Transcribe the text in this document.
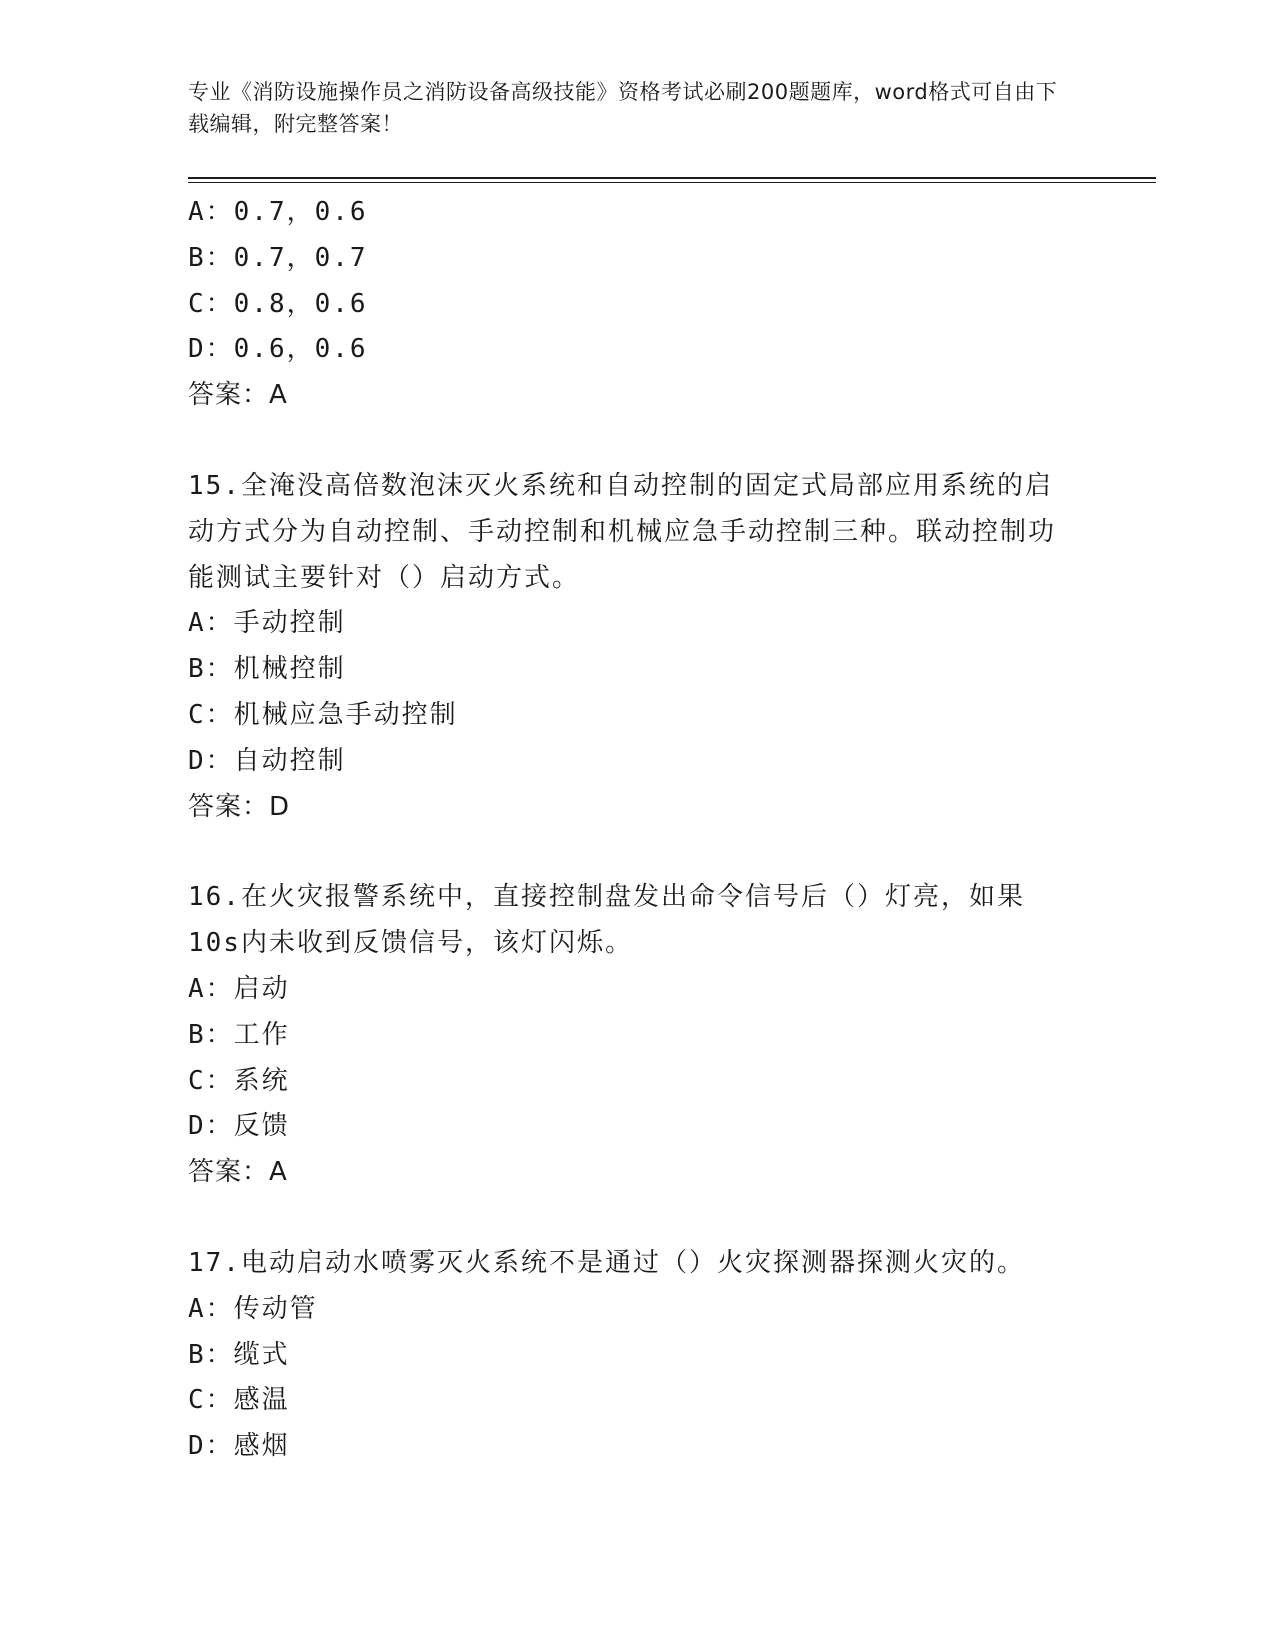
专业《消防设施操作员之消防设备高级技能》资格考试必刷200题题库，word格式可自由下载编辑，附完整答案！
A：0.7，0.6
B：0.7，0.7
C：0.8，0.6
D：0.6，0.6
答案：A
15.全淹没高倍数泡沫灭火系统和自动控制的固定式局部应用系统的启动方式分为自动控制、手动控制和机械应急手动控制三种。联动控制功能测试主要针对（）启动方式。
A：手动控制
B：机械控制
C：机械应急手动控制
D：自动控制
答案：D
16.在火灾报警系统中，直接控制盘发出命令信号后（）灯亮，如果10s内未收到反馈信号，该灯闪烁。
A：启动
B：工作
C：系统
D：反馈
答案：A
17.电动启动水喷雾灭火系统不是通过（）火灾探测器探测火灾的。
A：传动管
B：缆式
C：感温
D：感烟
